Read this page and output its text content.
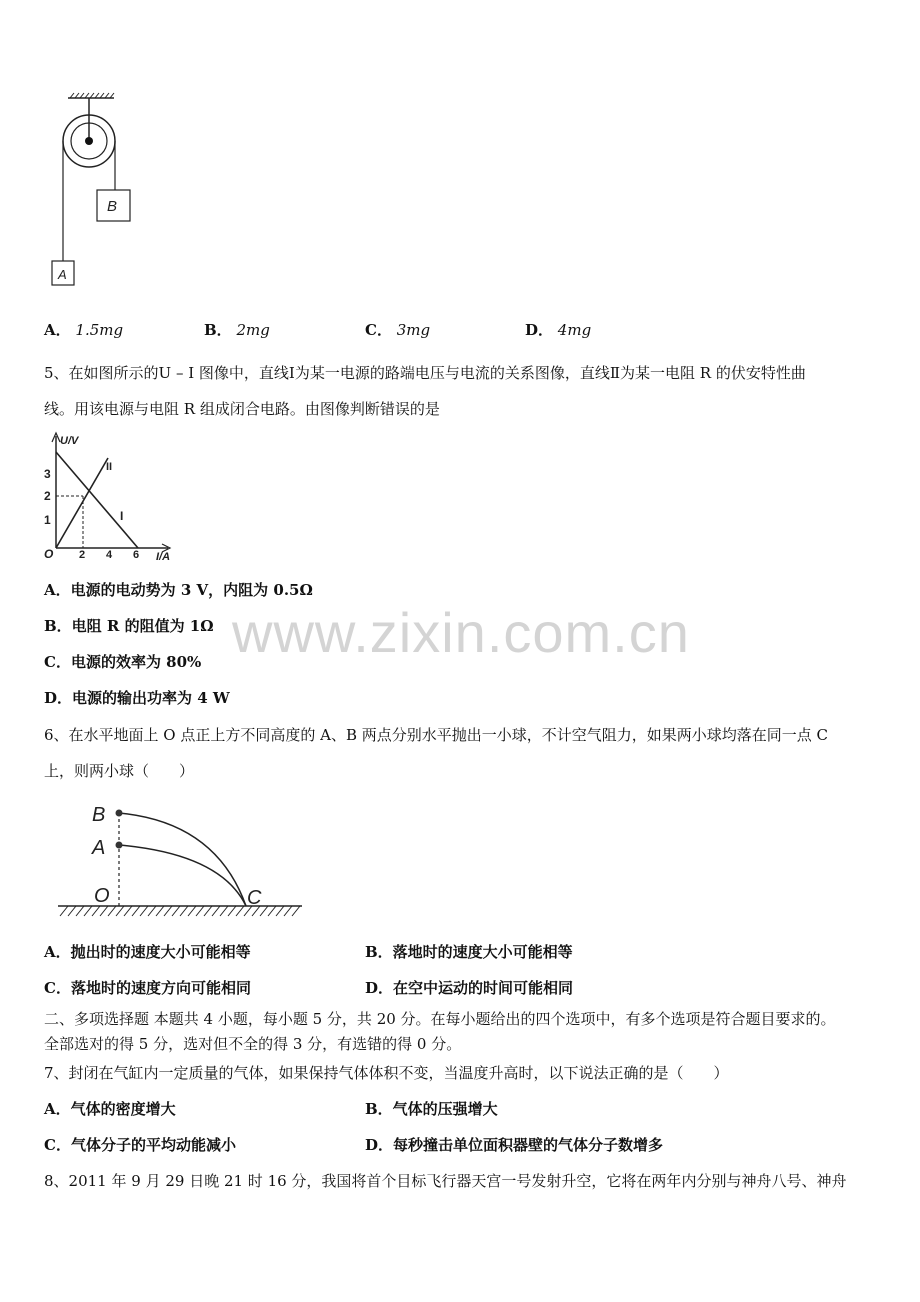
A
B
A． 1.5mg	B． 2mg	C． 3mg	D． 4mg
5、在如图所示的U – I 图像中，直线Ⅰ为某一电源的路端电压与电流的关系图像，直线Ⅱ为某一电阻 R 的伏安特性曲
线。用该电源与电阻 R 组成闭合电路。由图像判断错误的是
U/V
I/A
O
1
2
3
2 4 6
I
II
A．电源的电动势为 3 V，内阻为 0.5Ω
B．电阻 R 的阻值为 1Ω
C．电源的效率为 80%
D．电源的输出功率为 4 W
6、在水平地面上 O 点正上方不同高度的 A、B 两点分别水平抛出一小球，不计空气阻力，如果两小球均落在同一点 C
上，则两小球（　　）
B
A
O	C
A．抛出时的速度大小可能相等	B．落地时的速度大小可能相等
C．落地时的速度方向可能相同	D．在空中运动的时间可能相同
二、多项选择题 本题共 4 小题，每小题 5 分，共 20 分。在每小题给出的四个选项中，有多个选项是符合题目要求的。
全部选对的得 5 分，选对但不全的得 3 分，有选错的得 0 分。
7、封闭在气缸内一定质量的气体，如果保持气体体积不变，当温度升高时，以下说法正确的是（　　）
A．气体的密度增大	B．气体的压强增大
C．气体分子的平均动能减小	D．每秒撞击单位面积器壁的气体分子数增多
8、2011 年 9 月 29 日晚 21 时 16 分，我国将首个目标飞行器天宫一号发射升空，它将在两年内分别与神舟八号、神舟
www.zixin.com.cn
